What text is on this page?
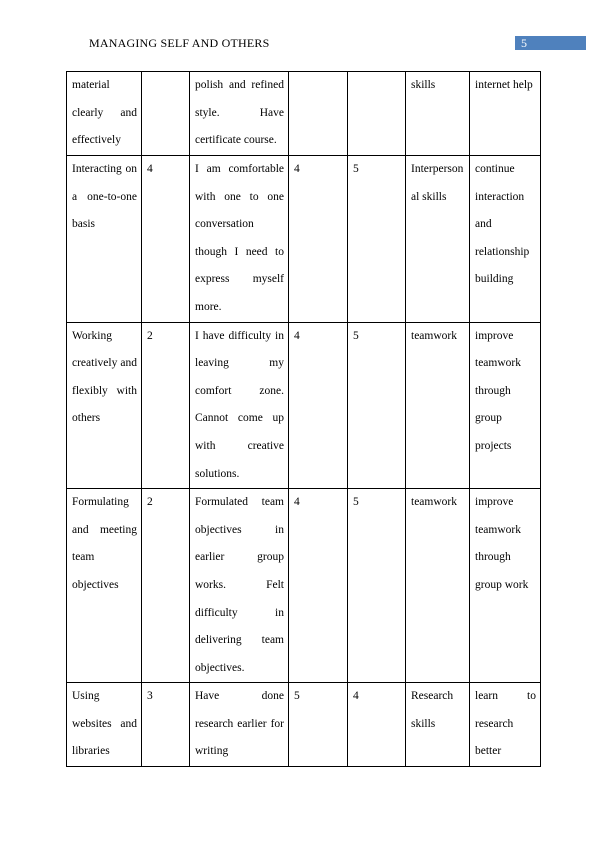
MANAGING SELF AND OTHERS	5
material clearly and effectively		polish and refined style. Have certificate course.			skills	internet help
Interacting on a one-to-one basis	4	I am comfortable with one to one conversation though I need to express myself more.	4	5	Interpersonal skills	continue interaction and relationship building
Working creatively and flexibly with others	2	I have difficulty in leaving my comfort zone. Cannot come up with creative solutions.	4	5	teamwork	improve teamwork through group projects
Formulating and meeting team objectives	2	Formulated team objectives in earlier group works. Felt difficulty in delivering team objectives.	4	5	teamwork	improve teamwork through group work
Using websites and libraries	3	Have done research earlier for writing	5	4	Research skills	learn to research better
